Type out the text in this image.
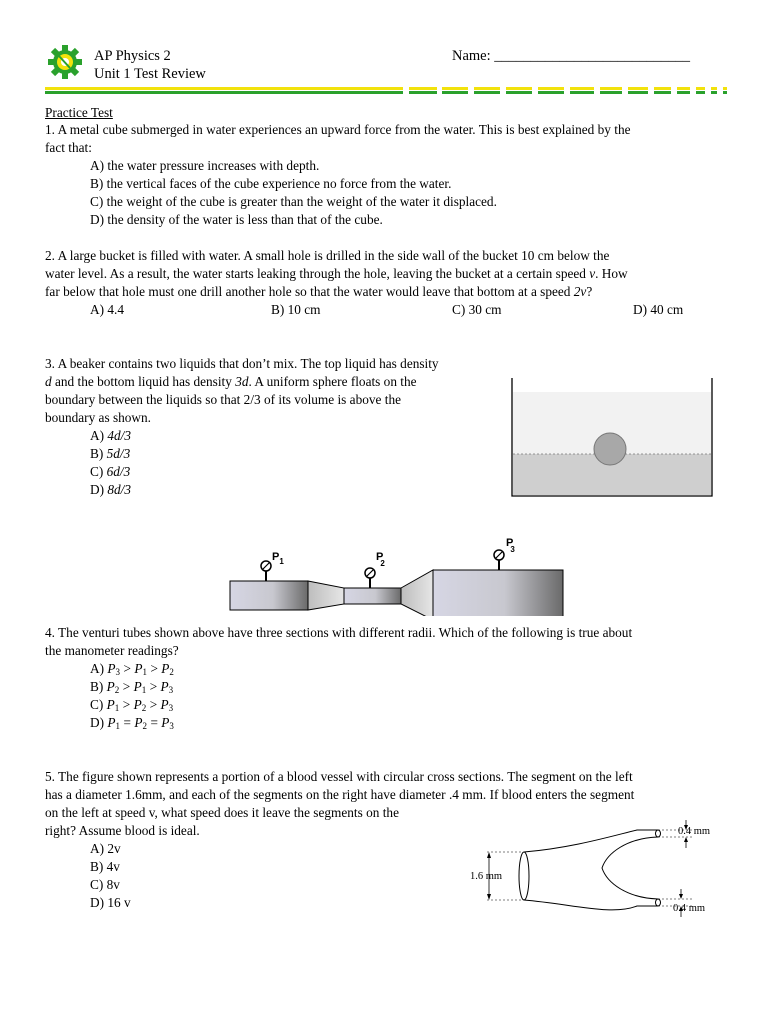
AP Physics 2
Unit 1 Test Review
Name: ___________________________
Practice Test
1. A metal cube submerged in water experiences an upward force from the water. This is best explained by the
fact that:
A) the water pressure increases with depth.
B) the vertical faces of the cube experience no force from the water.
C) the weight of the cube is greater than the weight of the water it displaced.
D) the density of the water is less than that of the cube.
2. A large bucket is filled with water. A small hole is drilled in the side wall of the bucket 10 cm below the
water level. As a result, the water starts leaking through the hole, leaving the bucket at a certain speed v. How
far below that hole must one drill another hole so that the water would leave that bottom at a speed 2v?
A) 4.4	B) 10 cm	C) 30 cm	D) 40 cm
3. A beaker contains two liquids that don’t mix. The top liquid has density
d and the bottom liquid has density 3d. A uniform sphere floats on the
boundary between the liquids so that 2/3 of its volume is above the
boundary as shown.
A) 4d/3
B) 5d/3
C) 6d/3
D) 8d/3
$P_1$	P 2
P 3
4. The venturi tubes shown above have three sections with different radii. Which of the following is true about
the manometer readings?
A) $P_3 > P_1 > P_2$
B) $P_2 > P_1 > P_3$
C) $P_1 > P_2 > P_3$
D) $P_1 = P_2 = P_3$
5. The figure shown represents a portion of a blood vessel with circular cross sections. The segment on the left
has a diameter 1.6mm, and each of the segments on the right have diameter .4 mm. If blood enters the segment
on the left at speed v, what speed does it leave the segments on the
right? Assume blood is ideal.
A) 2v
B) 4v
C) 8v
D) 16 v
1.6 mm
0.4 mm
0.4 mm
